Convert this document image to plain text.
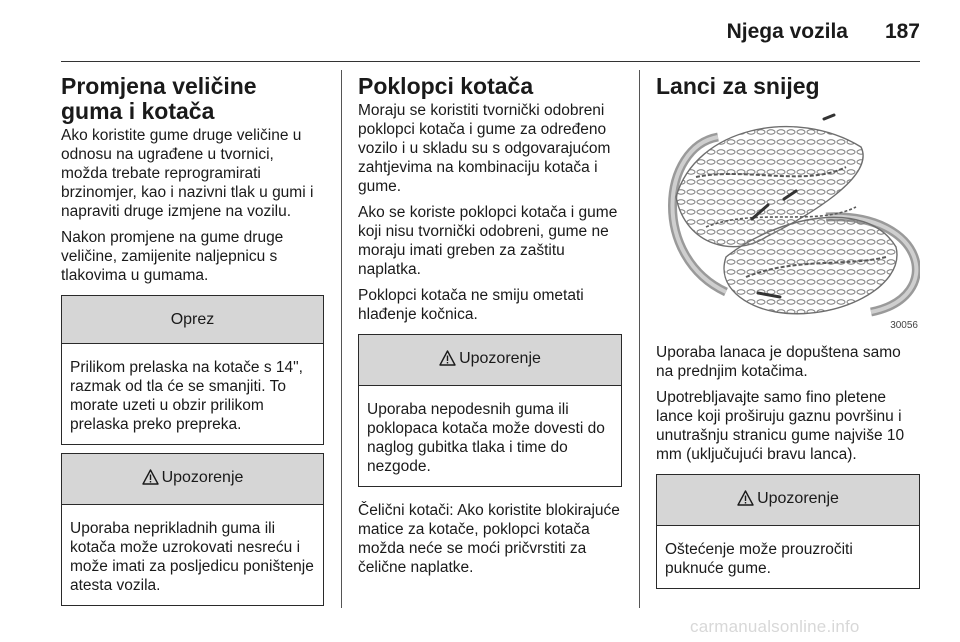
Njega vozila 187
Promjena veličine guma i kotača

Ako koristite gume druge veličine u odnosu na ugrađene u tvornici, možda trebate reprogramirati brzinomjer, kao i nazivni tlak u gumi i napraviti druge izmjene na vozilu.

Nakon promjene na gume druge veličine, zamijenite naljepnicu s tlakovima u gumama.

Oprez
Prilikom prelaska na kotače s 14", razmak od tla će se smanjiti. To morate uzeti u obzir prilikom prelaska preko prepreka.
Upozorenje
Uporaba neprikladnih guma ili kotača može uzrokovati nesreću i može imati za posljedicu poništenje atesta vozila.
Poklopci kotača

Moraju se koristiti tvornički odobreni poklopci kotača i gume za određeno vozilo i u skladu su s odgovarajućom zahtjevima na kombinaciju kotača i gume.

Ako se koriste poklopci kotača i gume koji nisu tvornički odobreni, gume ne moraju imati greben za zaštitu naplatka.

Poklopci kotača ne smiju ometati hlađenje kočnica.

Upozorenje
Uporaba nepodesnih guma ili poklopaca kotača može dovesti do naglog gubitka tlaka i time do nezgode.

Čelični kotači: Ako koristite blokirajuće matice za kotače, poklopci kotača možda neće se moći pričvrstiti za čelične naplatke.

Lanci za snijeg
30056

Uporaba lanaca je dopuštena samo na prednjim kotačima.

Upotrebljavajte samo fino pletene lance koji proširuju gaznu površinu i unutrašnju stranicu gume najviše 10 mm (uključujući bravu lanca).

Upozorenje
Oštećenje može prouzročiti puknuće gume.
carmanualsonline.info
